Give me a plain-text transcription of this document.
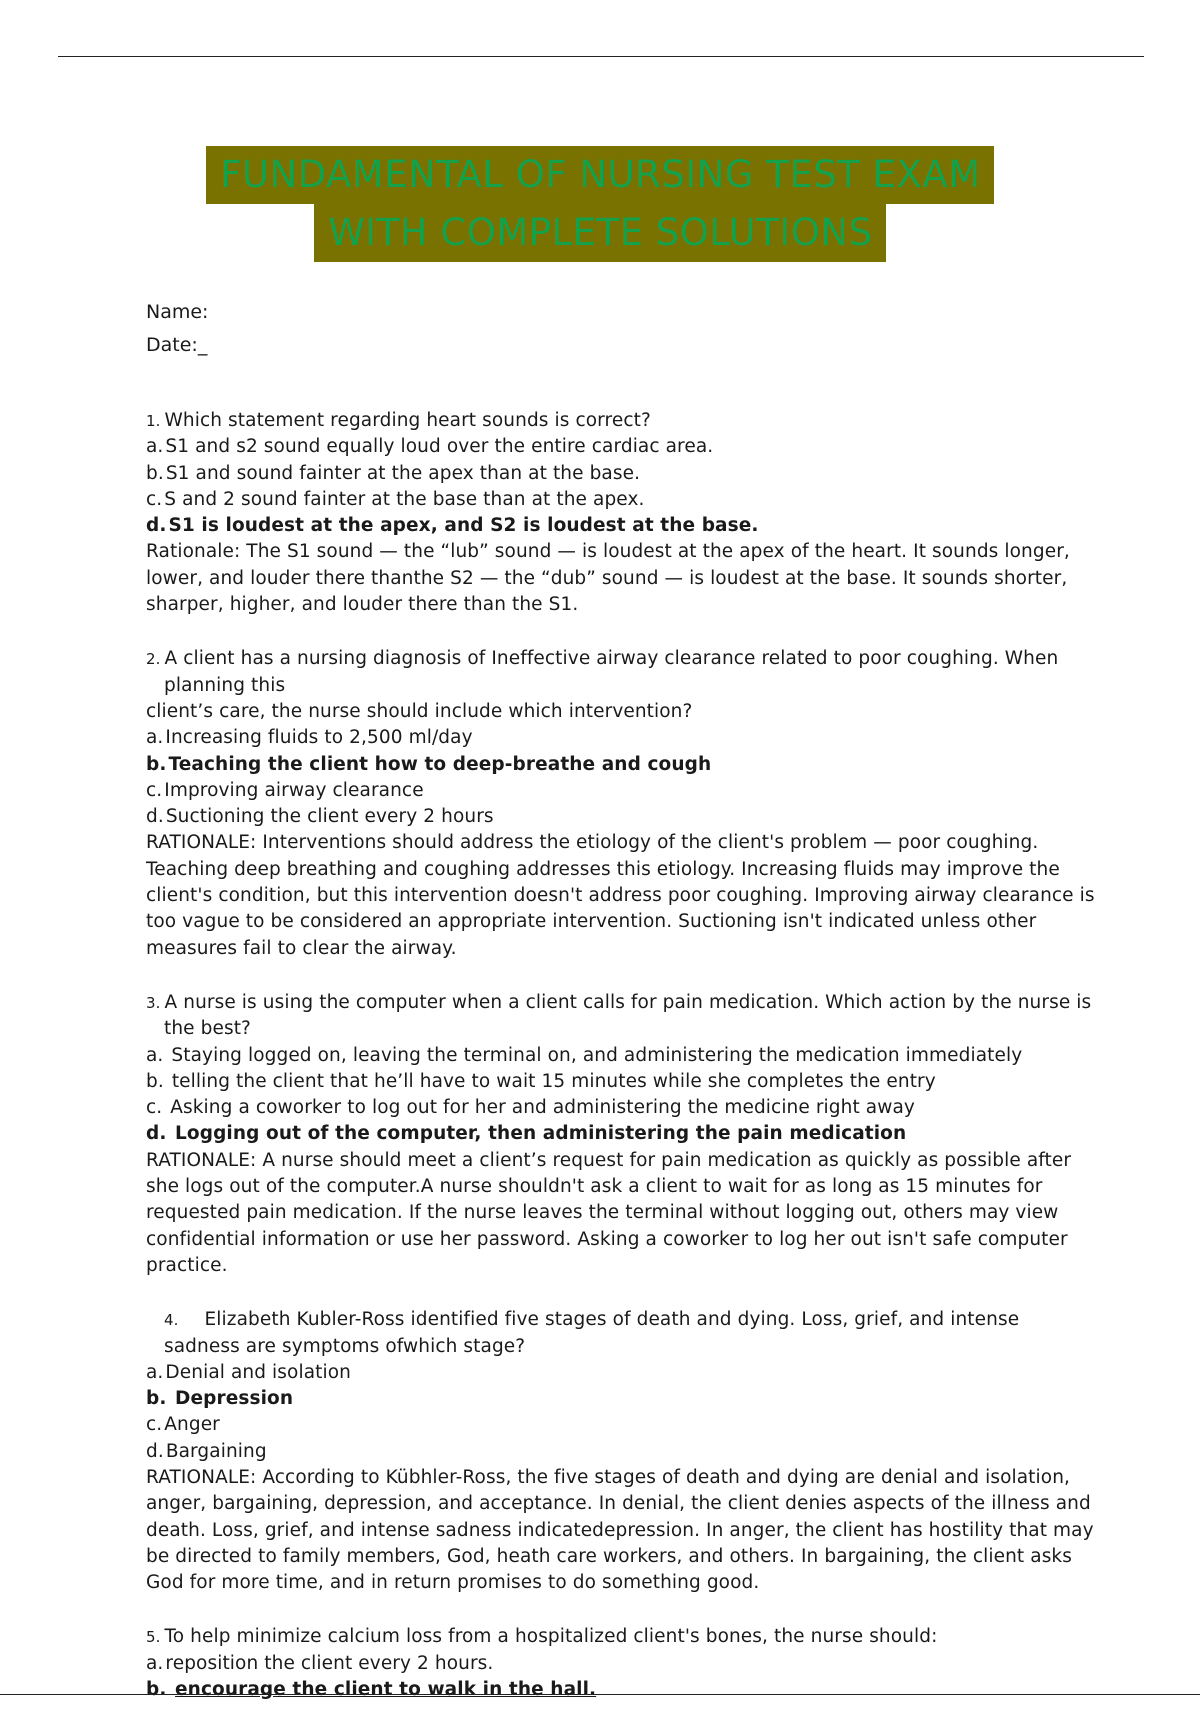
FUNDAMENTAL OF NURSING TEST EXAM
WITH COMPLETE SOLUTIONS
Name:
Date:_

1. Which statement regarding heart sounds is correct?

a. S1 and s2 sound equally loud over the entire cardiac area.

b. S1 and sound fainter at the apex than at the base.

c. S and 2 sound fainter at the base than at the apex.

d. S1 is loudest at the apex, and S2 is loudest at the base.

Rationale: The S1 sound — the “lub” sound — is loudest at the apex of the heart. It sounds longer, lower, and louder there thanthe S2 — the “dub” sound — is loudest at the base. It sounds shorter, sharper, higher, and louder there than the S1.

2. A client has a nursing diagnosis of Ineffective airway clearance related to poor coughing. When planning this

client’s care, the nurse should include which intervention?

a. Increasing fluids to 2,500 ml/day

b. Teaching the client how to deep-breathe and cough

c. Improving airway clearance

d. Suctioning the client every 2 hours

RATIONALE: Interventions should address the etiology of the client's problem — poor coughing. Teaching deep breathing and coughing addresses this etiology. Increasing fluids may improve the client's condition, but this intervention doesn't address poor coughing. Improving airway clearance is too vague to be considered an appropriate intervention. Suctioning isn't indicated unless other measures fail to clear the airway.

3. A nurse is using the computer when a client calls for pain medication. Which action by the nurse is the best?

a. Staying logged on, leaving the terminal on, and administering the medication immediately

b. telling the client that he’ll have to wait 15 minutes while she completes the entry

c. Asking a coworker to log out for her and administering the medicine right away

d. Logging out of the computer, then administering the pain medication

RATIONALE: A nurse should meet a client’s request for pain medication as quickly as possible after she logs out of the computer.A nurse shouldn't ask a client to wait for as long as 15 minutes for requested pain medication. If the nurse leaves the terminal without logging out, others may view confidential information or use her password. Asking a coworker to log her out isn't safe computer practice.

4. Elizabeth Kubler-Ross identified five stages of death and dying. Loss, grief, and intense sadness are symptoms ofwhich stage?

a. Denial and isolation

b. Depression

c. Anger

d. Bargaining

RATIONALE: According to Kübhler-Ross, the five stages of death and dying are denial and isolation, anger, bargaining, depression, and acceptance. In denial, the client denies aspects of the illness and death. Loss, grief, and intense sadness indicatedepression. In anger, the client has hostility that may be directed to family members, God, heath care workers, and others. In bargaining, the client asks God for more time, and in return promises to do something good.

5. To help minimize calcium loss from a hospitalized client's bones, the nurse should:

a. reposition the client every 2 hours.

b. encourage the client to walk in the hall.
